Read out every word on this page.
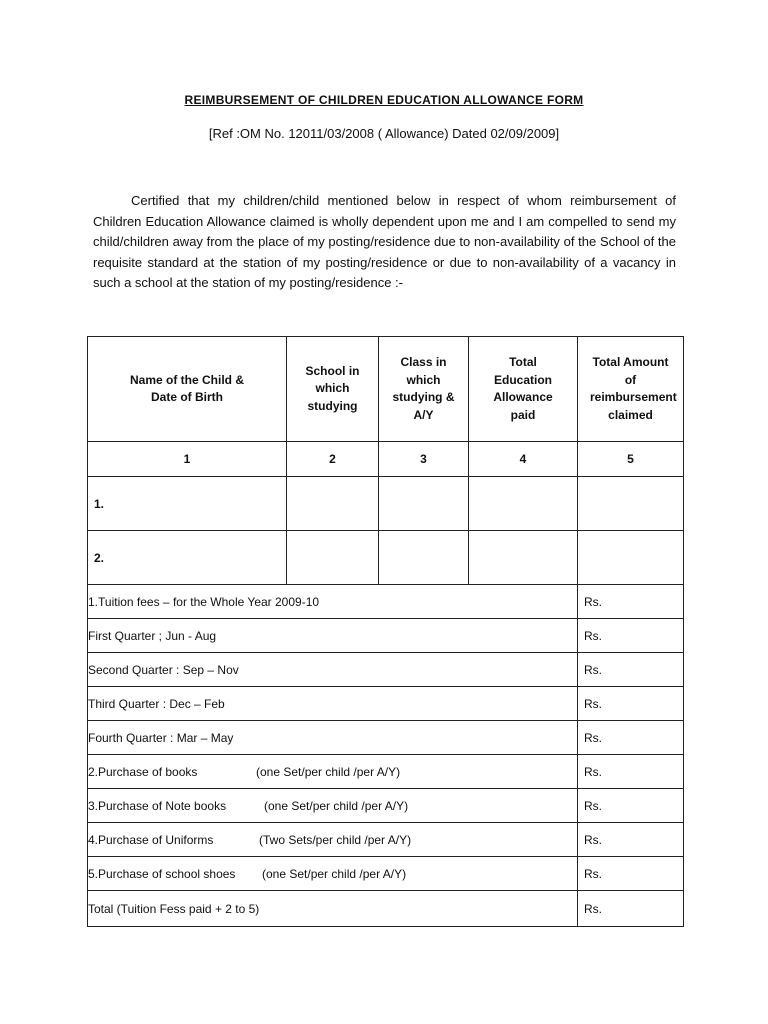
REIMBURSEMENT OF CHILDREN EDUCATION ALLOWANCE FORM
[Ref :OM No. 12011/03/2008 ( Allowance) Dated 02/09/2009]
Certified that my children/child mentioned below in respect of whom reimbursement of Children Education Allowance claimed is wholly dependent upon me and I am compelled to send my child/children away from the place of my posting/residence due to non-availability of the School of the requisite standard at the station of my posting/residence or due to non-availability of a vacancy in such a school at the station of my posting/residence :-
Name of the Child & Date of Birth	School in which studying	Class in which studying & A/Y	Total Education Allowance paid	Total Amount of reimbursement claimed
1	2	3	4	5
1.				
2.				
1.Tuition fees – for the Whole Year 2009-10				Rs.
First Quarter ; Jun - Aug				Rs.
Second Quarter : Sep – Nov				Rs.
Third Quarter : Dec – Feb				Rs.
Fourth Quarter : Mar – May				Rs.
2.Purchase of books (one Set/per child /per A/Y)				Rs.
3.Purchase of Note books (one Set/per child /per A/Y)				Rs.
4.Purchase of Uniforms (Two Sets/per child /per A/Y)				Rs.
5.Purchase of school shoes (one Set/per child /per A/Y)				Rs.
Total (Tuition Fess paid + 2 to 5)				Rs.
